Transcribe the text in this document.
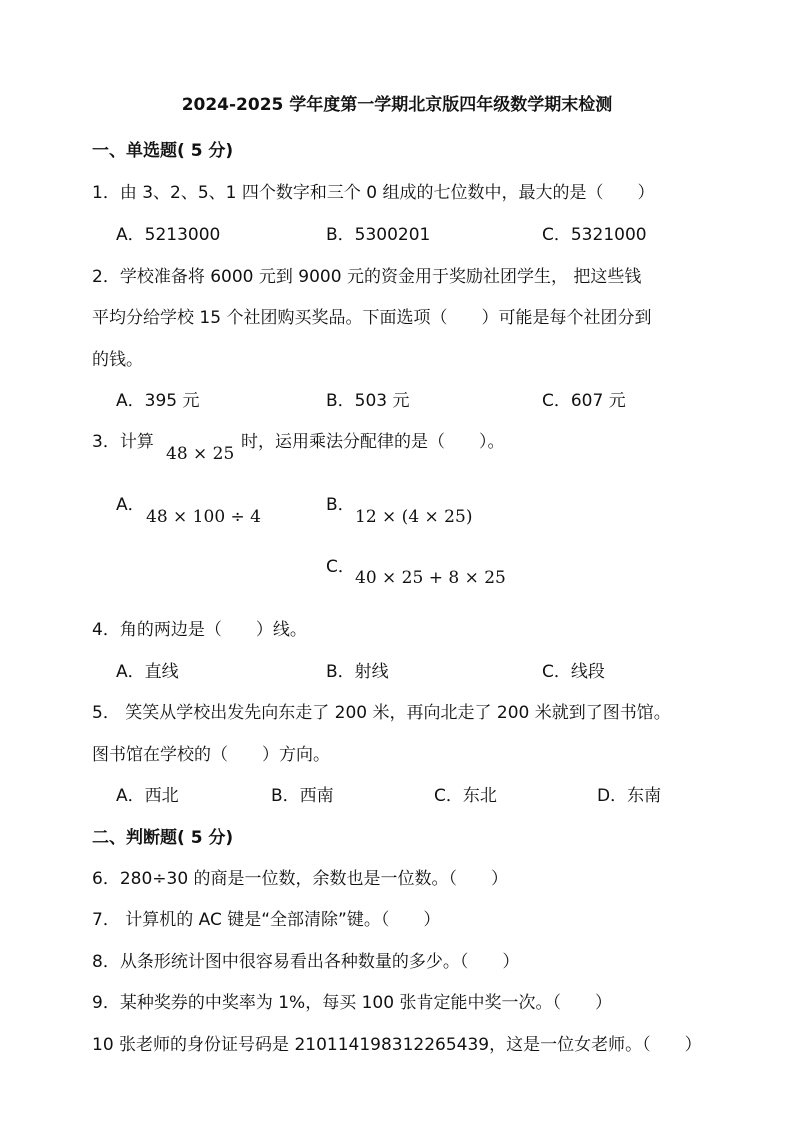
2024-2025 学年度第一学期北京版四年级数学期末检测
一、单选题( 5 分)
1．由 3、2、5、1 四个数字和三个 0 组成的七位数中，最大的是（　　）
A．5213000	B．5300201	C．5321000
2．学校准备将 6000 元到 9000 元的资金用于奖励社团学生， 把这些钱
平均分给学校 15 个社团购买奖品。下面选项（　　）可能是每个社团分到
的钱。
A．395 元	B．503 元	C．607 元
3．计算
48 × 25
时，运用乘法分配律的是（　　）。
A．
48 × 100 ÷ 4
B．
12 × (4 × 25)
C．
40 × 25 + 8 × 25
4．角的两边是（　　）线。
A．直线	B．射线	C．线段
5． 笑笑从学校出发先向东走了 200 米，再向北走了 200 米就到了图书馆。
图书馆在学校的（　　）方向。
A．西北	B．西南	C．东北	D．东南
二、判断题( 5 分)
6．280÷30 的商是一位数，余数也是一位数。（　　）
7． 计算机的 AC 键是“全部清除”键。（　　）
8．从条形统计图中很容易看出各种数量的多少。（　　）
9．某种奖券的中奖率为 1%，每买 100 张肯定能中奖一次。（　　）
10 张老师的身份证号码是 210114198312265439，这是一位女老师。（　　）
